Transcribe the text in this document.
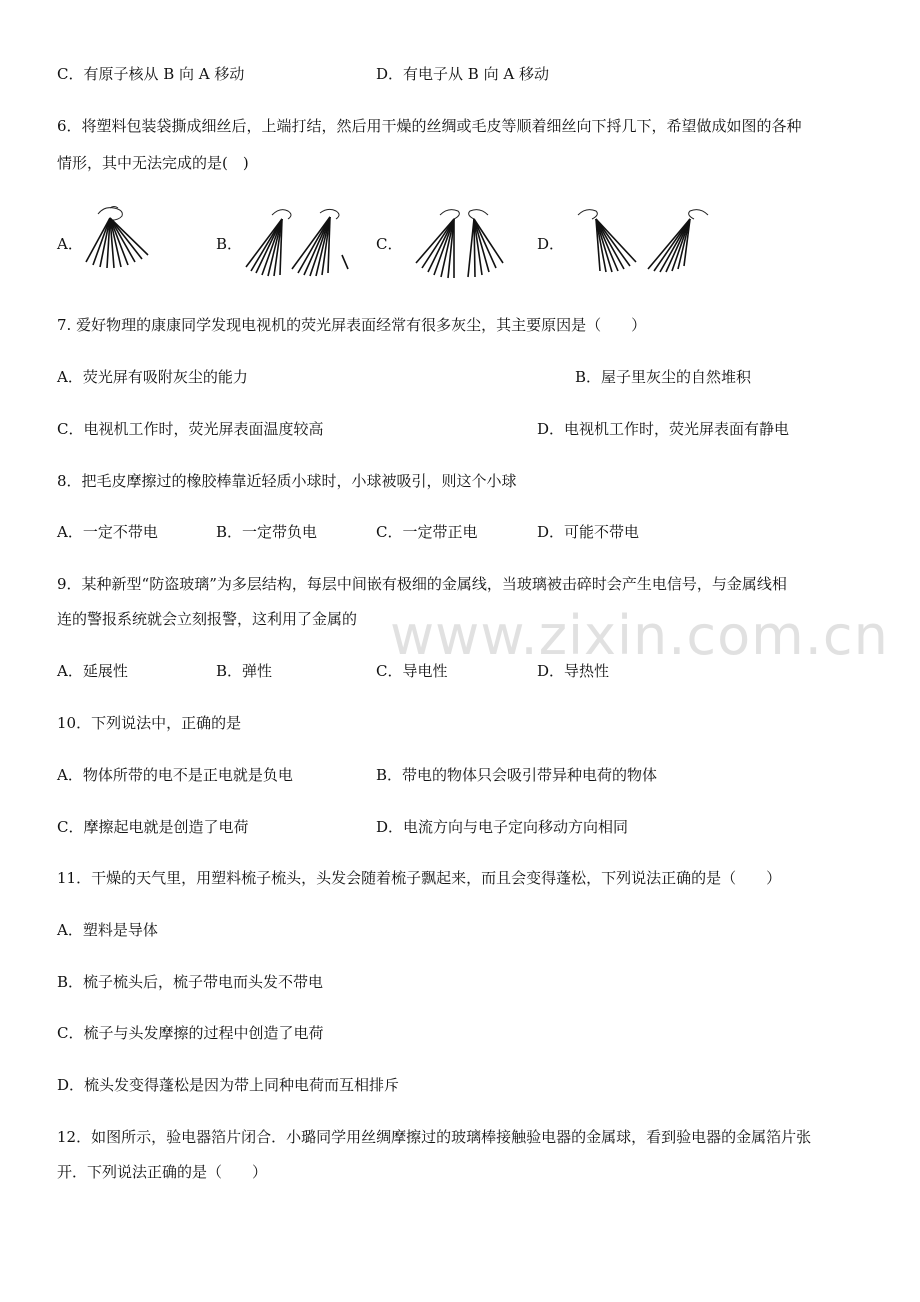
C．有原子核从 B 向 A 移动	D．有电子从 B 向 A 移动
6．将塑料包装袋撕成细丝后，上端打结，然后用干燥的丝绸或毛皮等顺着细丝向下捋几下，希望做成如图的各种
情形，其中无法完成的是(　)
A．	B．	C．	D．
7. 爱好物理的康康同学发现电视机的荧光屏表面经常有很多灰尘，其主要原因是（　　）
A．荧光屏有吸附灰尘的能力	B．屋子里灰尘的自然堆积
C．电视机工作时，荧光屏表面温度较高	D．电视机工作时，荧光屏表面有静电
8．把毛皮摩擦过的橡胶棒靠近轻质小球时，小球被吸引，则这个小球
A．一定不带电	B．一定带负电	C．一定带正电	D．可能不带电
9．某种新型“防盗玻璃”为多层结构，每层中间嵌有极细的金属线，当玻璃被击碎时会产生电信号，与金属线相
连的警报系统就会立刻报警，这利用了金属的
A．延展性	B．弹性	C．导电性	D．导热性
10．下列说法中，正确的是
A．物体所带的电不是正电就是负电	B．带电的物体只会吸引带异种电荷的物体
C．摩擦起电就是创造了电荷	D．电流方向与电子定向移动方向相同
11．干燥的天气里，用塑料梳子梳头，头发会随着梳子飘起来，而且会变得蓬松，下列说法正确的是（　　）
A．塑料是导体
B．梳子梳头后，梳子带电而头发不带电
C．梳子与头发摩擦的过程中创造了电荷
D．梳头发变得蓬松是因为带上同种电荷而互相排斥
12．如图所示，验电器箔片闭合．小璐同学用丝绸摩擦过的玻璃棒接触验电器的金属球，看到验电器的金属箔片张
开．下列说法正确的是（　　）
www.zixin.com.cn
